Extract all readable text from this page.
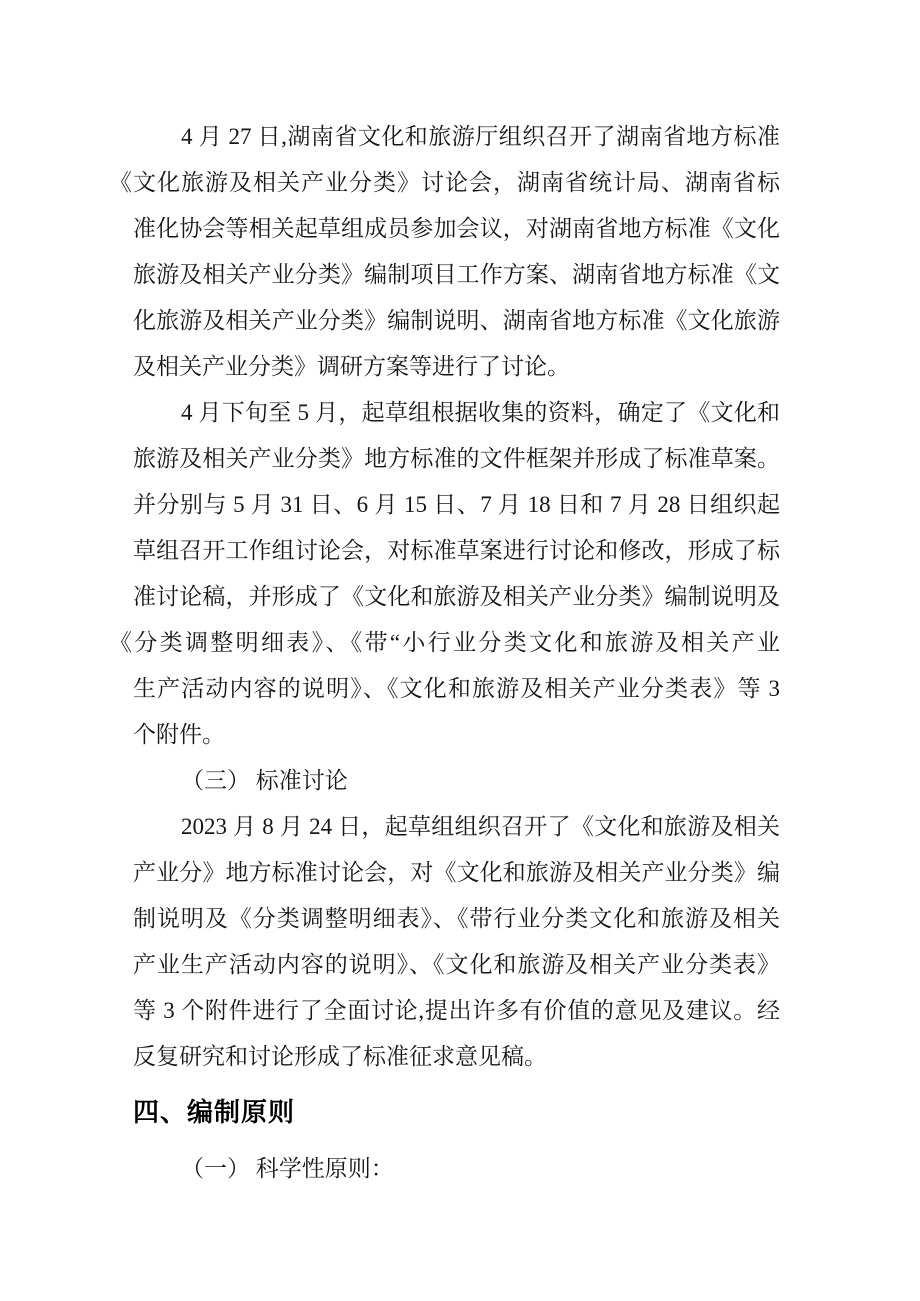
4 月 27 日,湖南省文化和旅游厅组织召开了湖南省地方标准
《文化旅游及相关产业分类》讨论会，湖南省统计局、湖南省标
准化协会等相关起草组成员参加会议，对湖南省地方标准《文化
旅游及相关产业分类》编制项目工作方案、湖南省地方标准《文
化旅游及相关产业分类》编制说明、湖南省地方标准《文化旅游
及相关产业分类》调研方案等进行了讨论。
4 月下旬至 5 月，起草组根据收集的资料，确定了《文化和
旅游及相关产业分类》地方标准的文件框架并形成了标准草案。
并分别与 5 月 31 日、6 月 15 日、7 月 18 日和 7 月 28 日组织起
草组召开工作组讨论会，对标准草案进行讨论和修改，形成了标
准讨论稿，并形成了《文化和旅游及相关产业分类》编制说明及
《分类调整明细表》、《带“小行业分类文化和旅游及相关产业
生产活动内容的说明》、《文化和旅游及相关产业分类表》等 3
个附件。
（三） 标准讨论
2023 月 8 月 24 日，起草组组织召开了《文化和旅游及相关
产业分》地方标准讨论会，对《文化和旅游及相关产业分类》编
制说明及《分类调整明细表》、《带行业分类文化和旅游及相关
产业生产活动内容的说明》、《文化和旅游及相关产业分类表》
等 3 个附件进行了全面讨论,提出许多有价值的意见及建议。经
反复研究和讨论形成了标准征求意见稿。
四、编制原则
（一） 科学性原则：
